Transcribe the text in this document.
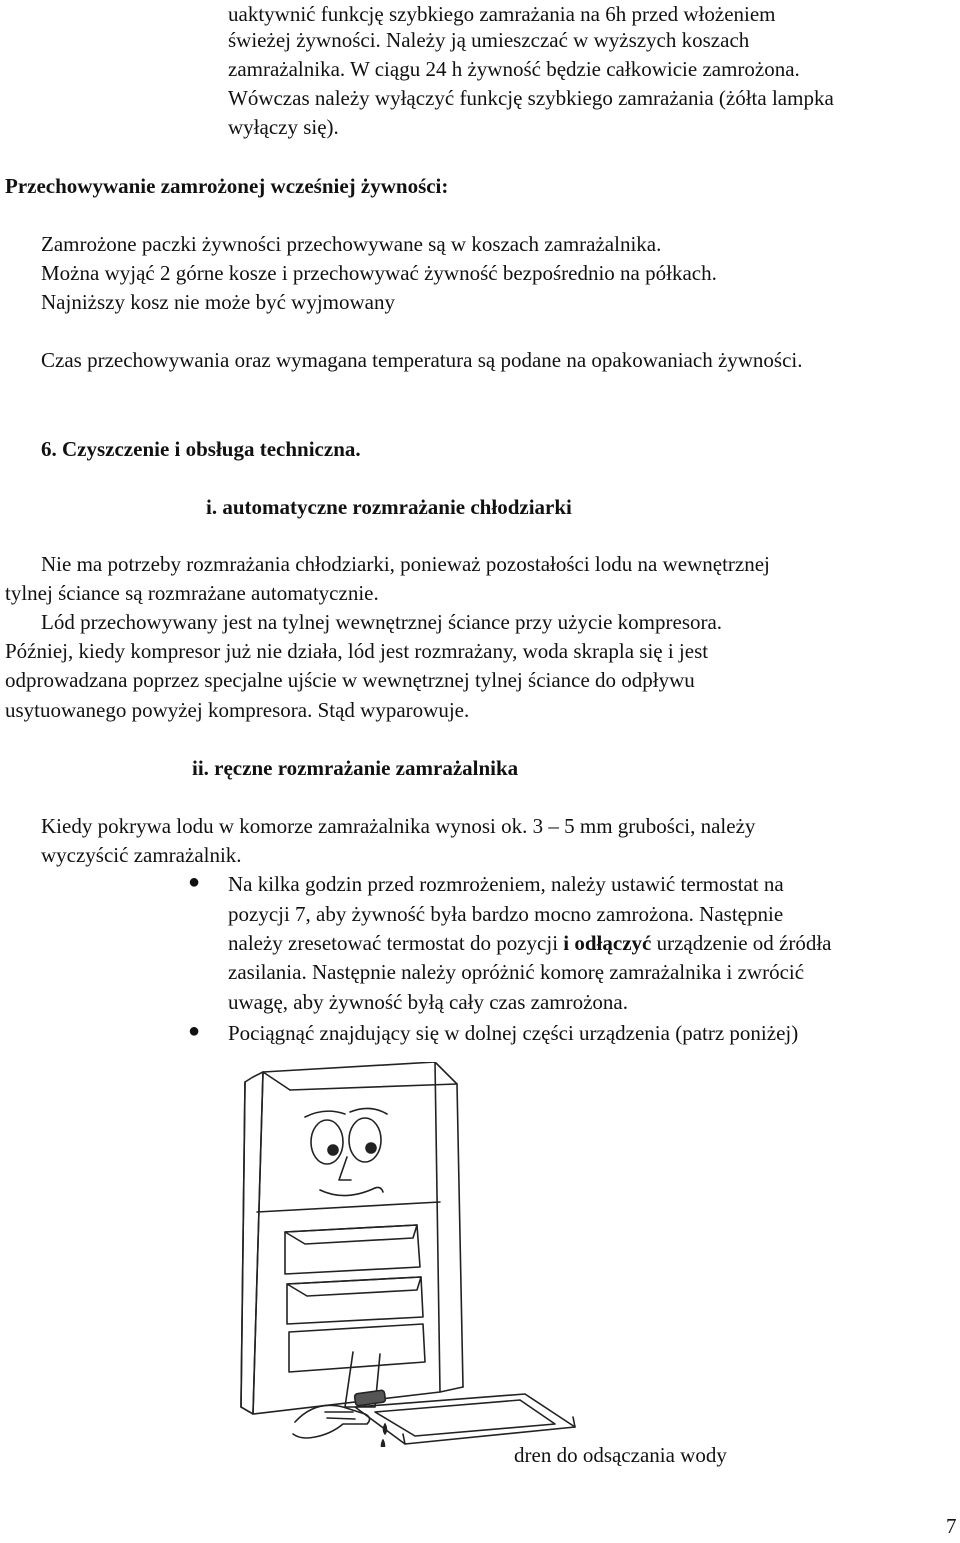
uaktywnić funkcję szybkiego zamrażania na 6h przed włożeniem
świeżej żywności. Należy ją umieszczać w wyższych koszach
zamrażalnika. W ciągu 24 h żywność będzie całkowicie zamrożona.
Wówczas należy wyłączyć funkcję szybkiego zamrażania (żółta lampka
wyłączy się).
Przechowywanie zamrożonej wcześniej żywności:
Zamrożone paczki żywności przechowywane są w koszach zamrażalnika.
Można wyjąć 2 górne kosze i przechowywać żywność bezpośrednio na półkach.
Najniższy kosz nie może być wyjmowany
Czas przechowywania oraz wymagana temperatura są podane na opakowaniach żywności.
6. Czyszczenie i obsługa techniczna.
i. automatyczne rozmrażanie chłodziarki
Nie ma potrzeby rozmrażania chłodziarki, ponieważ pozostałości lodu na wewnętrznej
tylnej ściance są rozmrażane automatycznie.
Lód przechowywany jest na tylnej wewnętrznej ściance przy użycie kompresora.
Później, kiedy kompresor już nie działa, lód jest rozmrażany, woda skrapla się i jest
odprowadzana poprzez specjalne ujście w wewnętrznej tylnej ściance do odpływu
usytuowanego powyżej kompresora. Stąd wyparowuje.
ii. ręczne rozmrażanie zamrażalnika
Kiedy pokrywa lodu w komorze zamrażalnika wynosi ok. 3 – 5 mm grubości, należy
wyczyścić zamrażalnik.
● Na kilka godzin przed rozmrożeniem, należy ustawić termostat na
pozycji 7, aby żywność była bardzo mocno zamrożona. Następnie
należy zresetować termostat do pozycji i odłączyć urządzenie od źródła
zasilania. Następnie należy opróżnić komorę zamrażalnika i zwrócić
uwagę, aby żywność byłą cały czas zamrożona.
● Pociągnąć znajdujący się w dolnej części urządzenia (patrz poniżej)
dren do odsączania wody
7
